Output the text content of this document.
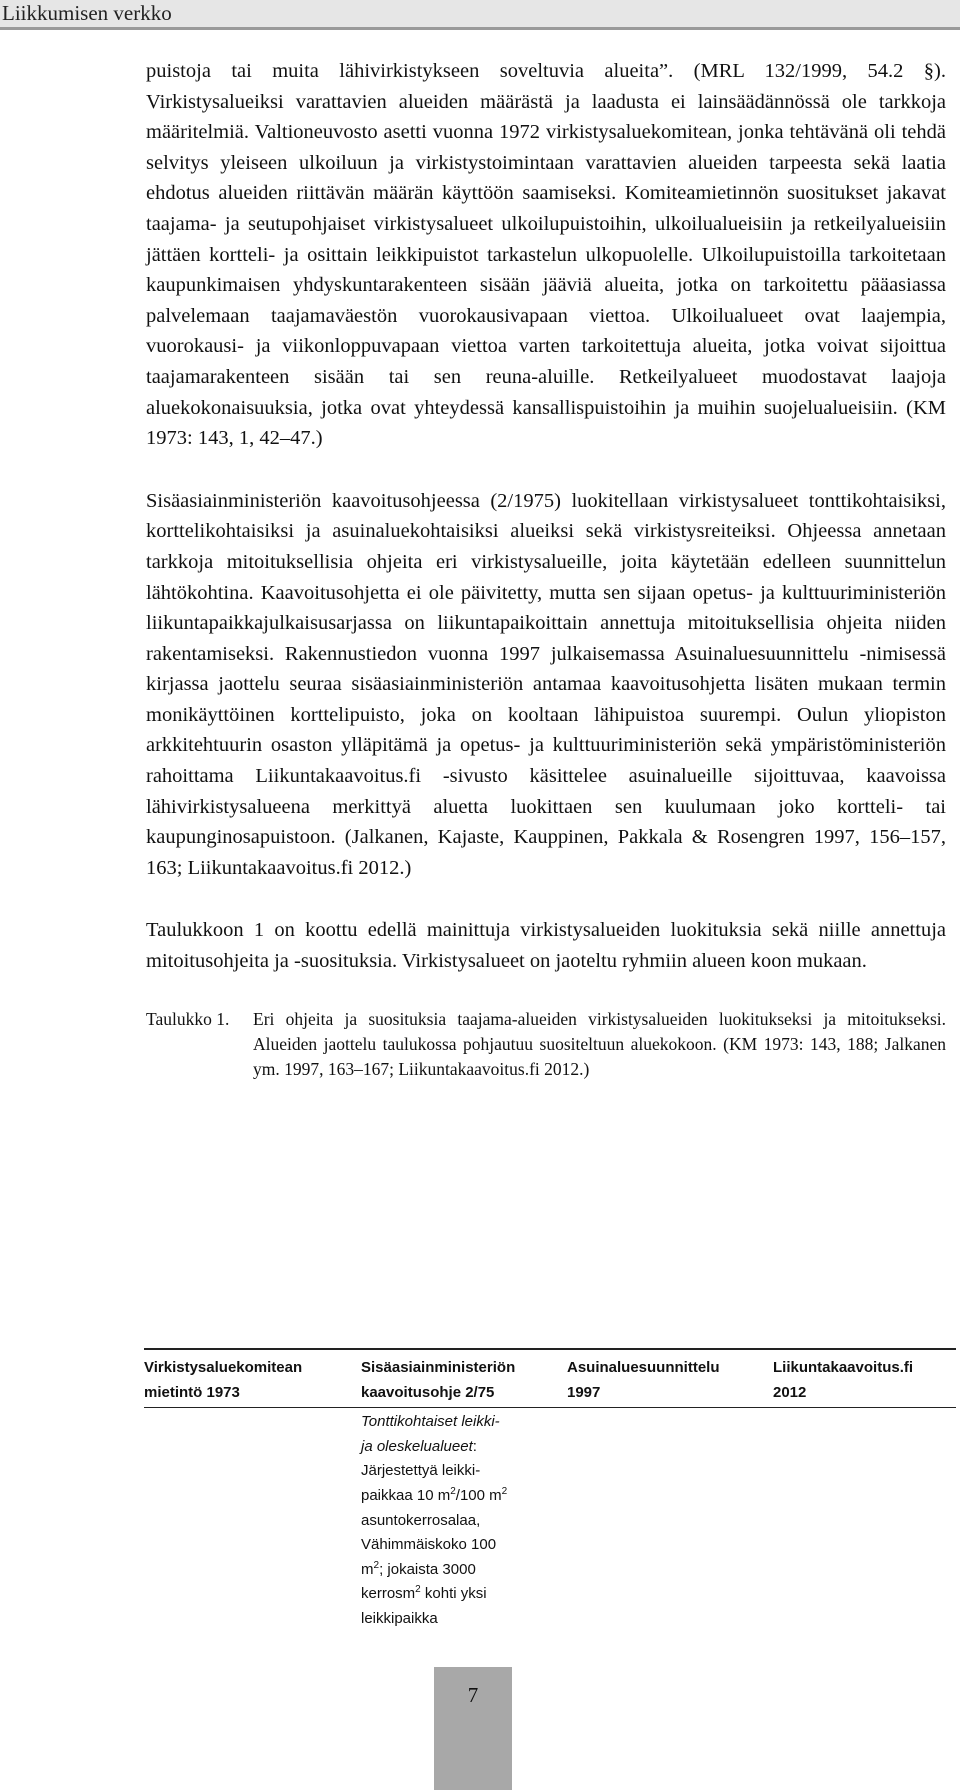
Liikkumisen verkko

puistoja tai muita lähivirkistykseen soveltuvia alueita”. (MRL 132/1999, 54.2 §). Virkistysalueiksi varattavien alueiden määrästä ja laadusta ei lainsäädännössä ole tarkkoja määritelmiä. Valtioneuvosto asetti vuonna 1972 virkistysaluekomitean, jonka tehtävänä oli tehdä selvitys yleiseen ulkoiluun ja virkistystoimintaan varattavien alueiden tarpeesta sekä laatia ehdotus alueiden riittävän määrän käyttöön saamiseksi. Komiteamietinnön suositukset jakavat taajama- ja seutupohjaiset virkistysalueet ulkoilupuistoihin, ulkoilualueisiin ja retkeilyalueisiin jättäen kortteli- ja osittain leikkipuistot tarkastelun ulkopuolelle. Ulkoilupuistoilla tarkoitetaan kaupunkimaisen yhdyskuntarakenteen sisään jääviä alueita, jotka on tarkoitettu pääasiassa palvelemaan taajamaväestön vuorokausivapaan viettoa. Ulkoilualueet ovat laajempia, vuorokausi- ja viikonloppuvapaan viettoa varten tarkoitettuja alueita, jotka voivat sijoittua taajamarakenteen sisään tai sen reuna-aluille. Retkeilyalueet muodostavat laajoja aluekokonaisuuksia, jotka ovat yhteydessä kansallispuistoihin ja muihin suojelualueisiin. (KM 1973: 143, 1, 42–47.)

Sisäasiainministeriön kaavoitusohjeessa (2/1975) luokitellaan virkistysalueet tonttikohtaisiksi, korttelikohtaisiksi ja asuinaluekohtaisiksi alueiksi sekä virkistysreiteiksi. Ohjeessa annetaan tarkkoja mitoituksellisia ohjeita eri virkistysalueille, joita käytetään edelleen suunnittelun lähtökohtina. Kaavoitusohjetta ei ole päivitetty, mutta sen sijaan opetus- ja kulttuuriministeriön liikuntapaikkajulkaisusarjassa on liikuntapaikoittain annettuja mitoituksellisia ohjeita niiden rakentamiseksi. Rakennustiedon vuonna 1997 julkaisemassa Asuinaluesuunnittelu -nimisessä kirjassa jaottelu seuraa sisäasiainministeriön antamaa kaavoitusohjetta lisäten mukaan termin monikäyttöinen korttelipuisto, joka on kooltaan lähipuistoa suurempi. Oulun yliopiston arkkitehtuurin osaston ylläpitämä ja opetus- ja kulttuuriministeriön sekä ympäristöministeriön rahoittama Liikuntakaavoitus.fi -sivusto käsittelee asuinalueille sijoittuvaa, kaavoissa lähivirkistysalueena merkittyä aluetta luokittaen sen kuulumaan joko kortteli- tai kaupunginosapuistoon. (Jalkanen, Kajaste, Kauppinen, Pakkala & Rosengren 1997, 156–157, 163; Liikuntakaavoitus.fi 2012.)

Taulukkoon 1 on koottu edellä mainittuja virkistysalueiden luokituksia sekä niille annettuja mitoitusohjeita ja -suosituksia. Virkistysalueet on jaoteltu ryhmiin alueen koon mukaan.

Taulukko 1. Eri ohjeita ja suosituksia taajama-alueiden virkistysalueiden luokitukseksi ja mitoitukseksi. Alueiden jaottelu taulukossa pohjautuu suositeltuun aluekokoon. (KM 1973: 143, 188; Jalkanen ym. 1997, 163–167; Liikuntakaavoitus.fi 2012.)

Virkistysaluekomitean
mietintö 1973
Sisäasiainministeriön
kaavoitusohje 2/75
Asuinaluesuunnittelu
1997
Liikuntakaavoitus.fi
2012
Tonttikohtaiset leikki-
ja oleskelualueet:
Järjestettyä leikki-
paikkaa 10 $m^2/100$ $m^2$
asuntokerrosalaa,
Vähimmäiskoko 100
$m^2$; jokaista 3000
kerrosm$^2$ kohti yksi
leikkipaikka
7
